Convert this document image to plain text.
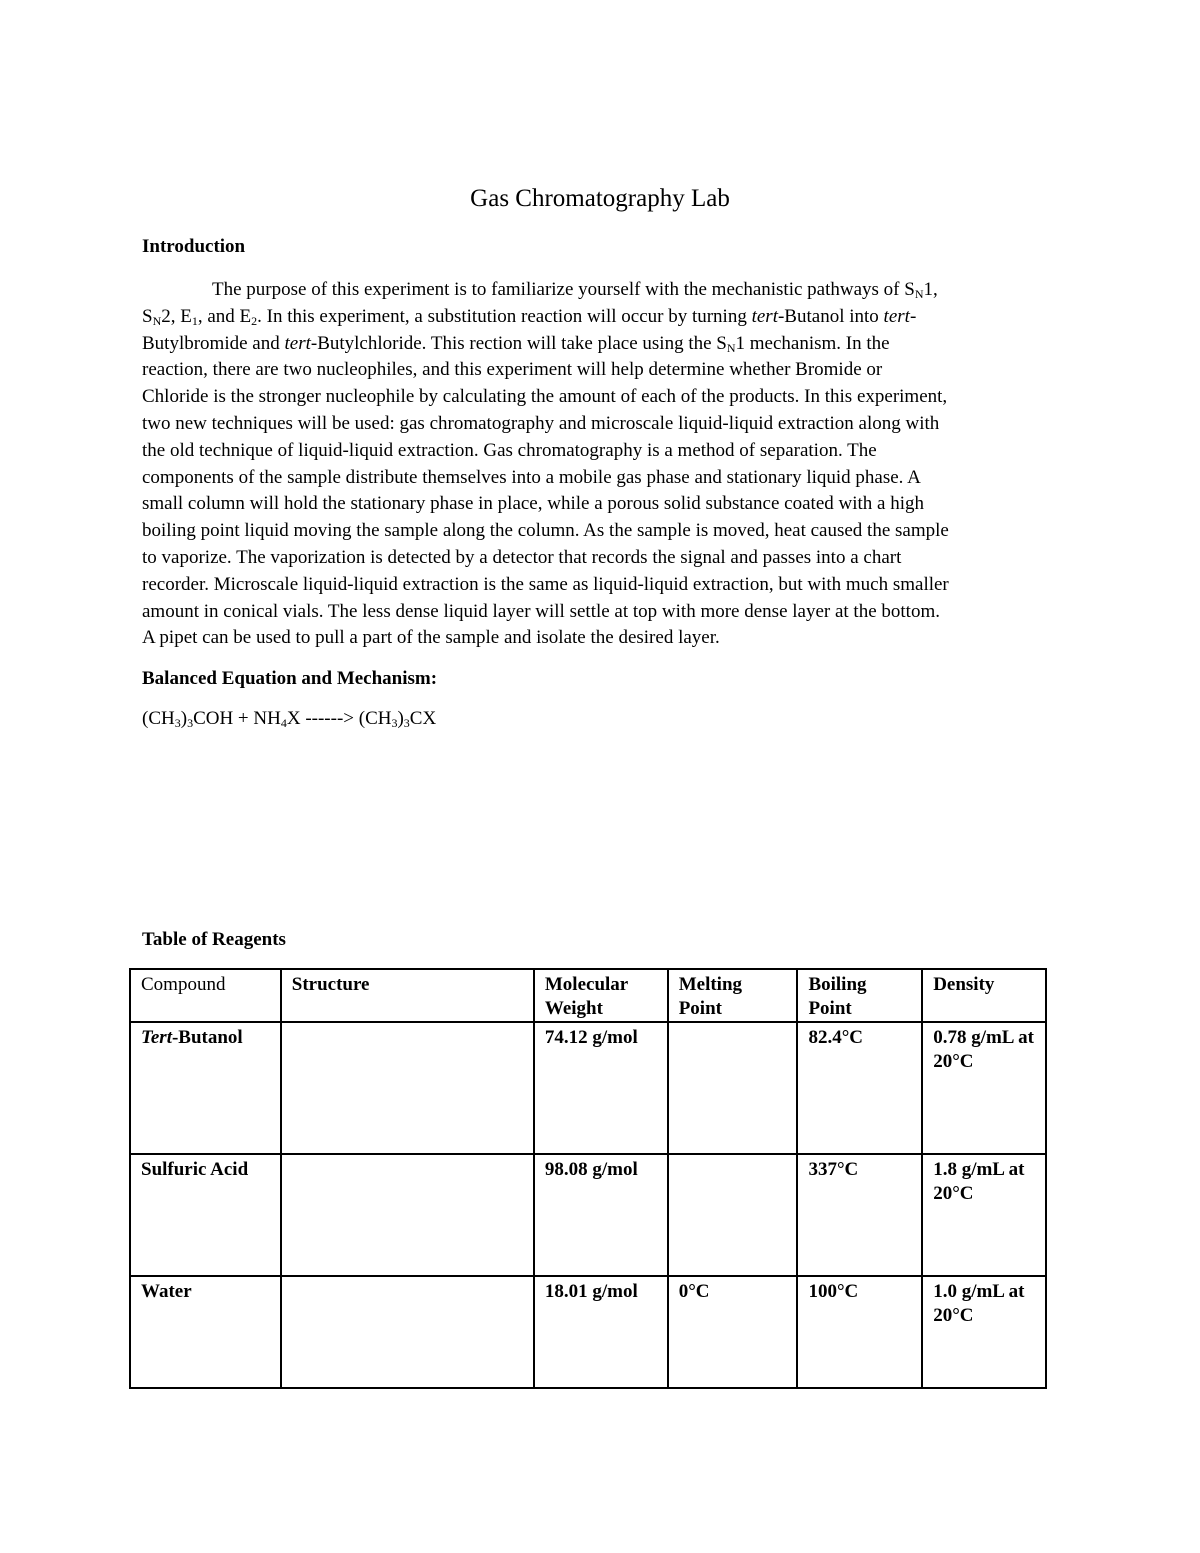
Gas Chromatography Lab
Introduction
The purpose of this experiment is to familiarize yourself with the mechanistic pathways of $S_N1$,
$S_N2$, $E_1$, and $E_2$. In this experiment, a substitution reaction will occur by turning tert-Butanol into tert-
Butylbromide and tert-Butylchloride. This rection will take place using the $S_N1$ mechanism. In the
reaction, there are two nucleophiles, and this experiment will help determine whether Bromide or
Chloride is the stronger nucleophile by calculating the amount of each of the products. In this experiment,
two new techniques will be used: gas chromatography and microscale liquid-liquid extraction along with
the old technique of liquid-liquid extraction. Gas chromatography is a method of separation. The
components of the sample distribute themselves into a mobile gas phase and stationary liquid phase. A
small column will hold the stationary phase in place, while a porous solid substance coated with a high
boiling point liquid moving the sample along the column. As the sample is moved, heat caused the sample
to vaporize. The vaporization is detected by a detector that records the signal and passes into a chart
recorder. Microscale liquid-liquid extraction is the same as liquid-liquid extraction, but with much smaller
amount in conical vials. The less dense liquid layer will settle at top with more dense layer at the bottom.
A pipet can be used to pull a part of the sample and isolate the desired layer.
Balanced Equation and Mechanism:
$(CH_3)_3COH + NH_4X$ ------> $(CH_3)_3CX$
Table of Reagents
Compound	Structure	Molecular Weight	Melting Point	Boiling Point	Density
Tert-Butanol		74.12 g/mol		82.4°C	0.78 g/mL at 20°C
Sulfuric Acid		98.08 g/mol		337°C	1.8 g/mL at 20°C
Water		18.01 g/mol	0°C	100°C	1.0 g/mL at 20°C
